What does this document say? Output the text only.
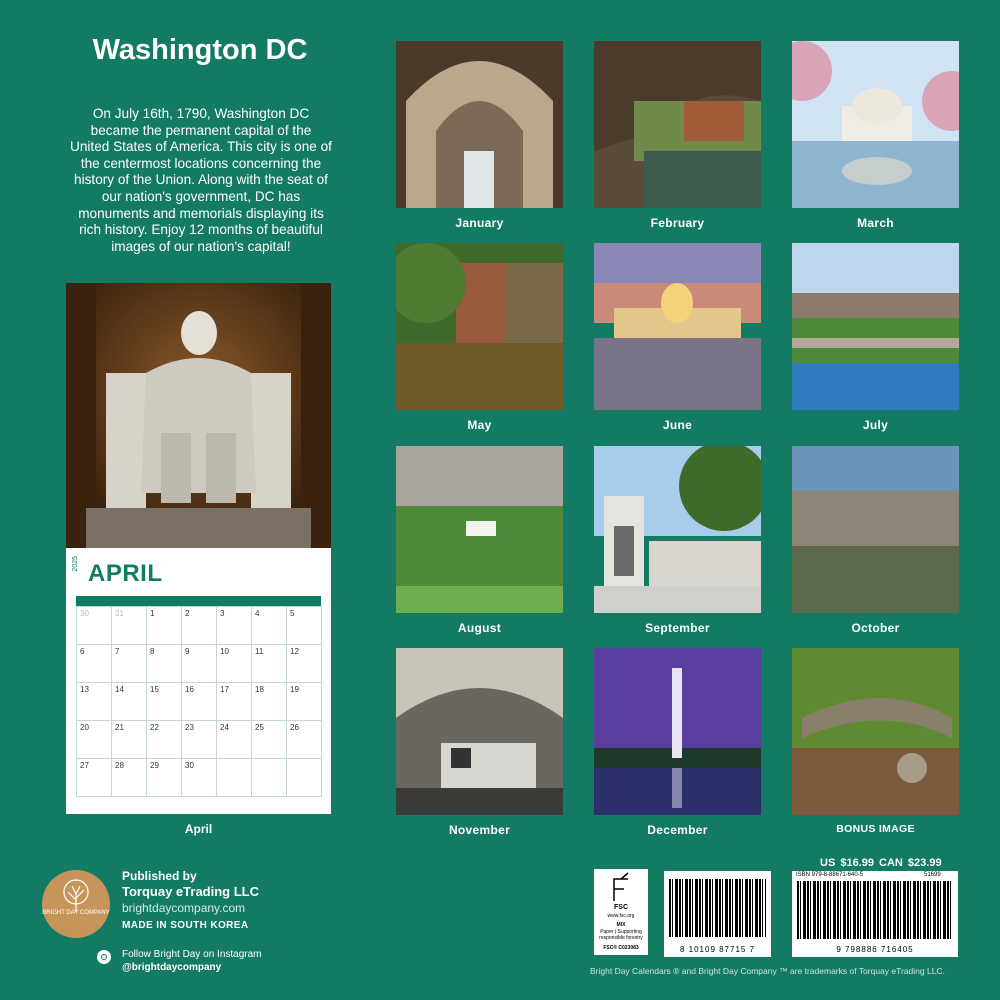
Washington DC
On July 16th, 1790, Washington DC became the permanent capital of the United States of America. This city is one of the centermost locations concerning the history of the Union. Along with the seat of our nation's government, DC has monuments and memorials displaying its rich history. Enjoy 12 months of beautiful images of our nation's capital!
2025 APRIL
30	31	1	2	3	4	5
6	7	8	9	10	11	12
13	14	15	16	17	18	19
20	21	22	23	24	25	26
27	28	29	30
April
January	February	March
May	June	July
August	September	October
November	December	BONUS IMAGE
BRIGHT DAY COMPANY
Published by
Torquay eTrading LLC
brightdaycompany.com
MADE IN SOUTH KOREA
Follow Bright Day on Instagram
@brightdaycompany
US $16.99 CAN $23.99
FSC
www.fsc.org
MIX
Paper | Supporting responsible forestry
FSC® C023083	8 10109 87715 7
ISBN 979-8-88671-640-5	51699
9 798886 716405
Bright Day Calendars ® and Bright Day Company ™ are trademarks of Torquay eTrading LLC.
